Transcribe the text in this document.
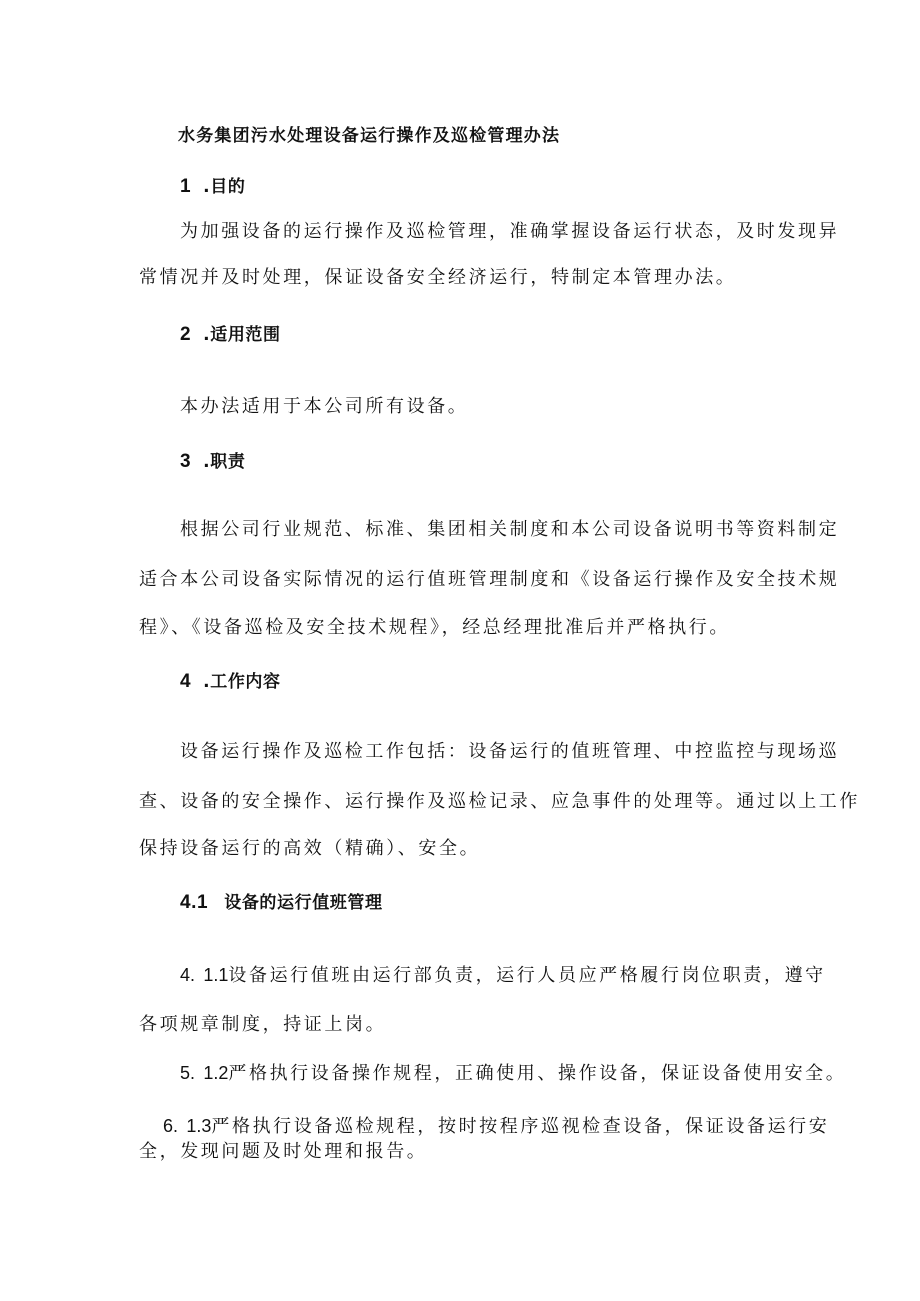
水务集团污水处理设备运行操作及巡检管理办法
1 .目的
为加强设备的运行操作及巡检管理，准确掌握设备运行状态，及时发现异
常情况并及时处理，保证设备安全经济运行，特制定本管理办法。
2 .适用范围
本办法适用于本公司所有设备。
3 .职责
根据公司行业规范、标准、集团相关制度和本公司设备说明书等资料制定
适合本公司设备实际情况的运行值班管理制度和《设备运行操作及安全技术规
程》、《设备巡检及安全技术规程》，经总经理批准后并严格执行。
4 .工作内容
设备运行操作及巡检工作包括：设备运行的值班管理、中控监控与现场巡
查、设备的安全操作、运行操作及巡检记录、应急事件的处理等。通过以上工作
保持设备运行的高效（精确）、安全。
4.1 设备的运行值班管理
4. 1.1设备运行值班由运行部负责，运行人员应严格履行岗位职责，遵守
各项规章制度，持证上岗。
5. 1.2严格执行设备操作规程，正确使用、操作设备，保证设备使用安全。
6. 1.3严格执行设备巡检规程，按时按程序巡视检查设备，保证设备运行安
全，发现问题及时处理和报告。
